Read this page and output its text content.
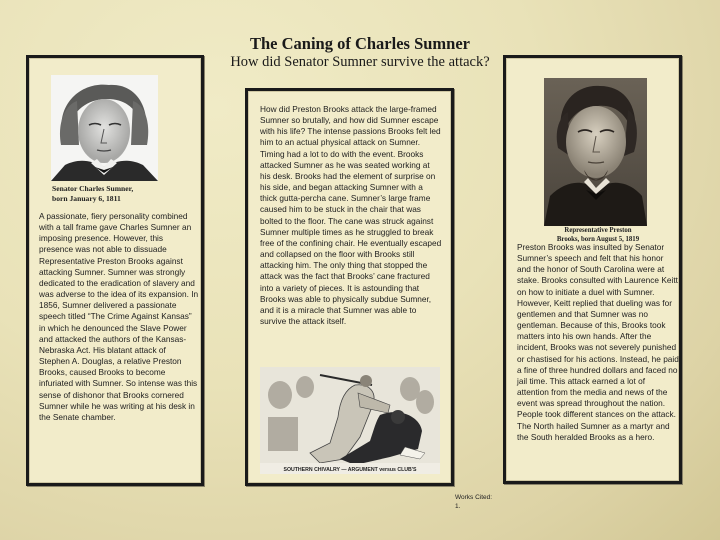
The Caning of Charles Sumner
How did Senator Sumner survive the attack?
Senator Charles Sumner,
born January 6, 1811
A passionate, fiery personality combined with a tall frame gave Charles Sumner an imposing presence. However, this presence was not able to dissuade Representative Preston Brooks against attacking Sumner. Sumner was strongly dedicated to the eradication of slavery and was adverse to the idea of its expansion. In 1856, Sumner delivered a passionate speech titled “The Crime Against Kansas” in which he denounced the Slave Power and attacked the authors of the Kansas-Nebraska Act. His blatant attack of Stephen A. Douglas, a relative Preston Brooks, caused Brooks to become infuriated with Sumner. So intense was this sense of dishonor that Brooks cornered Sumner while he was writing at his desk in the Senate chamber.
How did Preston Brooks attack the large-framed Sumner so brutally, and how did Sumner escape with his life? The intense passions Brooks felt led him to an actual physical attack on Sumner. Timing had a lot to do with the event. Brooks attacked Sumner as he was seated working at his desk. Brooks had the element of surprise on his side, and began attacking Sumner with a thick gutta-percha cane. Sumner’s large frame caused him to be stuck in the chair that was bolted to the floor. The cane was struck against Sumner multiple times as he struggled to break free of the confining chair. He eventually escaped and collapsed on the floor with Brooks still attacking him. The only thing that stopped the attack was the fact that Brooks’ cane fractured into a variety of pieces. It is astounding that Brooks was able to physically subdue Sumner, and it is a miracle that Sumner was able to survive the attack itself.
SOUTHERN CHIVALRY — ARGUMENT versus CLUB'S
Representative Preston
Brooks, born August 5, 1819
Preston Brooks was insulted by Senator Sumner’s speech and felt that his honor and the honor of South Carolina were at stake. Brooks consulted with Laurence Keitt on how to initiate a duel with Sumner. However, Keitt replied that dueling was for gentlemen and that Sumner was no gentleman. Because of this, Brooks took matters into his own hands. After the incident, Brooks was not severely punished or chastised for his actions. Instead, he paid a fine of three hundred dollars and faced no jail time. This attack earned a lot of attention from the media and news of the event was spread throughout the nation. People took different stances on the attack. The North hailed Sumner as a martyr and the South heralded Brooks as a hero.
Works Cited:
1.
